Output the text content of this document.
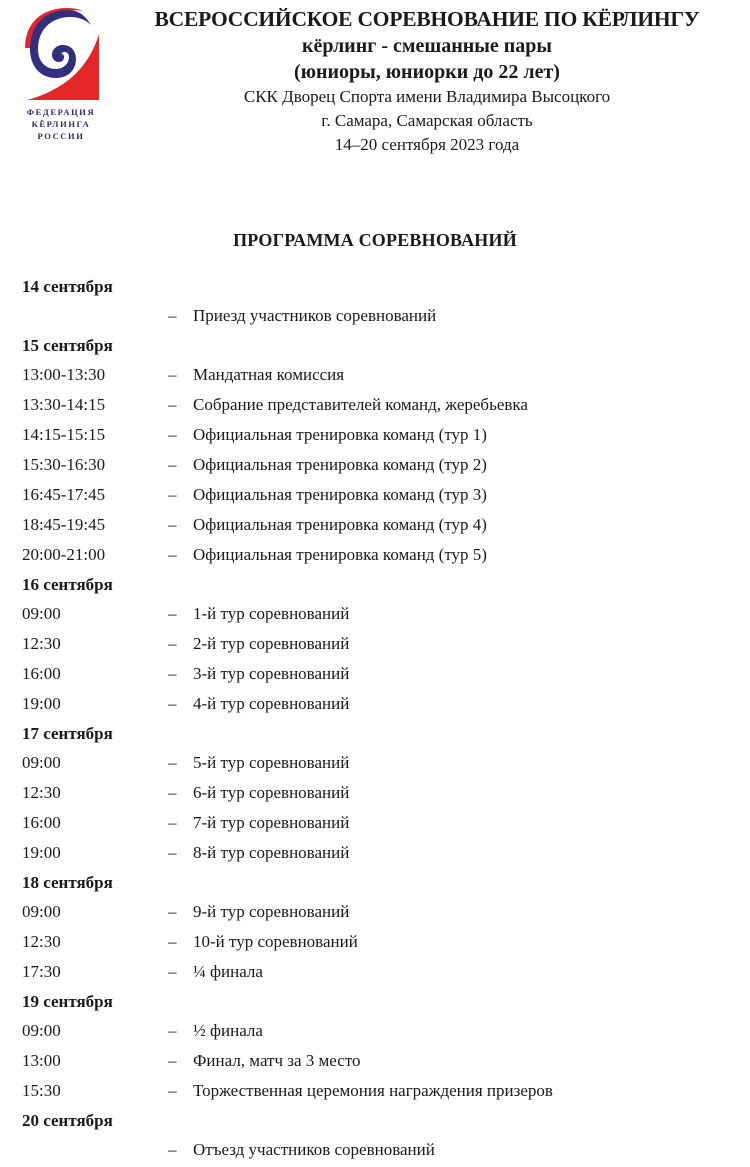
ФЕДЕРАЦИЯ
КЁРЛИНГА
РОССИИ
ВСЕРОССИЙСКОЕ СОРЕВНОВАНИЕ ПО КЁРЛИНГУ
кёрлинг - смешанные пары
(юниоры, юниорки до 22 лет)
СКК Дворец Спорта имени Владимира Высоцкого
г. Самара, Самарская область
14–20 сентября 2023 года
ПРОГРАММА СОРЕВНОВАНИЙ
14 сентября
– Приезд участников соревнований
15 сентября
13:00-13:30	– Мандатная комиссия
13:30-14:15	– Собрание представителей команд, жеребьевка
14:15-15:15	– Официальная тренировка команд (тур 1)
15:30-16:30	– Официальная тренировка команд (тур 2)
16:45-17:45	– Официальная тренировка команд (тур 3)
18:45-19:45	– Официальная тренировка команд (тур 4)
20:00-21:00	– Официальная тренировка команд (тур 5)
16 сентября
09:00	– 1-й тур соревнований
12:30	– 2-й тур соревнований
16:00	– 3-й тур соревнований
19:00	– 4-й тур соревнований
17 сентября
09:00	– 5-й тур соревнований
12:30	– 6-й тур соревнований
16:00	– 7-й тур соревнований
19:00	– 8-й тур соревнований
18 сентября
09:00	– 9-й тур соревнований
12:30	– 10-й тур соревнований
17:30	– ¼ финала
19 сентября
09:00	– ½ финала
13:00	– Финал, матч за 3 место
15:30	– Торжественная церемония награждения призеров
20 сентября
– Отъезд участников соревнований
